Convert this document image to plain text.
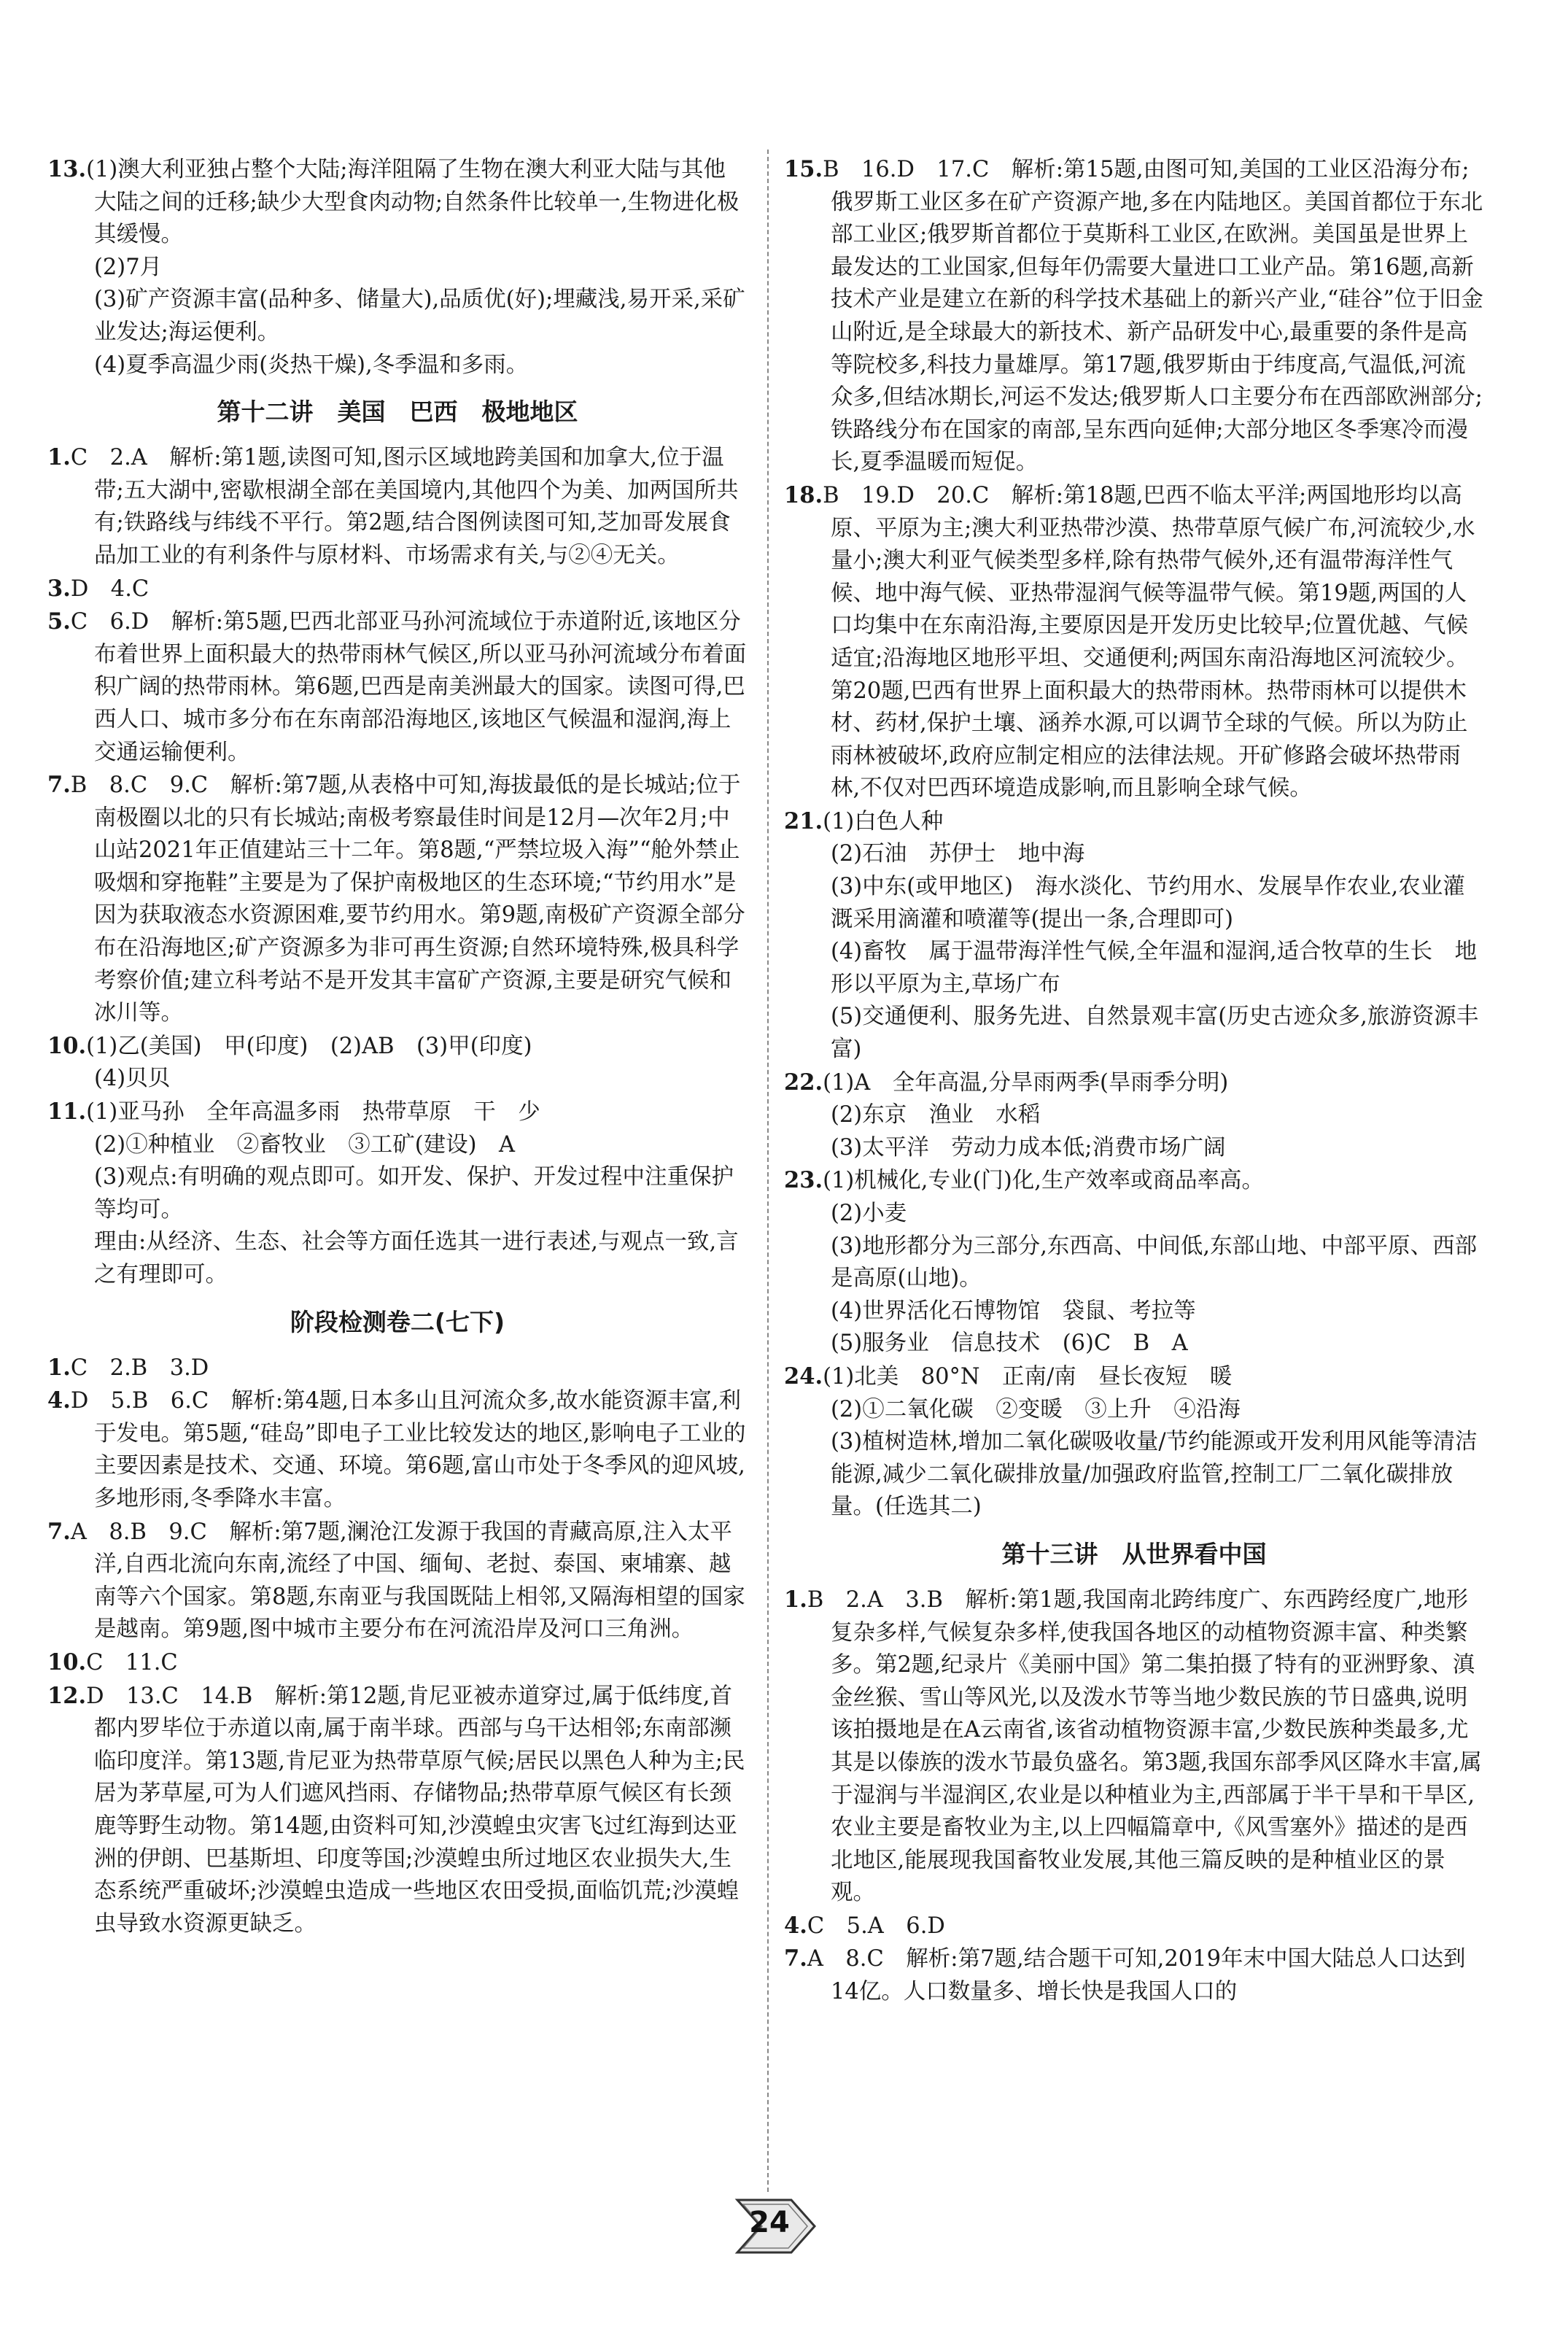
13.(1)澳大利亚独占整个大陆;海洋阻隔了生物在澳大利亚大陆与其他大陆之间的迁移;缺少大型食肉动物;自然条件比较单一,生物进化极其缓慢。
(2)7月
(3)矿产资源丰富(品种多、储量大),品质优(好);埋藏浅,易开采,采矿业发达;海运便利。
(4)夏季高温少雨(炎热干燥),冬季温和多雨。
第十二讲　美国　巴西　极地地区
1.C　2.A　解析:第1题,读图可知,图示区域地跨美国和加拿大,位于温带;五大湖中,密歇根湖全部在美国境内,其他四个为美、加两国所共有;铁路线与纬线不平行。第2题,结合图例读图可知,芝加哥发展食品加工业的有利条件与原材料、市场需求有关,与②④无关。
3.D　4.C
5.C　6.D　解析:第5题,巴西北部亚马孙河流域位于赤道附近,该地区分布着世界上面积最大的热带雨林气候区,所以亚马孙河流域分布着面积广阔的热带雨林。第6题,巴西是南美洲最大的国家。读图可得,巴西人口、城市多分布在东南部沿海地区,该地区气候温和湿润,海上交通运输便利。
7.B　8.C　9.C　解析:第7题,从表格中可知,海拔最低的是长城站;位于南极圈以北的只有长城站;南极考察最佳时间是12月—次年2月;中山站2021年正值建站三十二年。第8题,“严禁垃圾入海”“舱外禁止吸烟和穿拖鞋”主要是为了保护南极地区的生态环境;“节约用水”是因为获取液态水资源困难,要节约用水。第9题,南极矿产资源全部分布在沿海地区;矿产资源多为非可再生资源;自然环境特殊,极具科学考察价值;建立科考站不是开发其丰富矿产资源,主要是研究气候和冰川等。
10.(1)乙(美国)　甲(印度)　(2)AB　(3)甲(印度)
(4)贝贝
11.(1)亚马孙　全年高温多雨　热带草原　干　少
(2)①种植业　②畜牧业　③工矿(建设)　A
(3)观点:有明确的观点即可。如开发、保护、开发过程中注重保护等均可。
理由:从经济、生态、社会等方面任选其一进行表述,与观点一致,言之有理即可。
阶段检测卷二(七下)
1.C　2.B　3.D
4.D　5.B　6.C　解析:第4题,日本多山且河流众多,故水能资源丰富,利于发电。第5题,“硅岛”即电子工业比较发达的地区,影响电子工业的主要因素是技术、交通、环境。第6题,富山市处于冬季风的迎风坡,多地形雨,冬季降水丰富。
7.A　8.B　9.C　解析:第7题,澜沧江发源于我国的青藏高原,注入太平洋,自西北流向东南,流经了中国、缅甸、老挝、泰国、柬埔寨、越南等六个国家。第8题,东南亚与我国既陆上相邻,又隔海相望的国家是越南。第9题,图中城市主要分布在河流沿岸及河口三角洲。
10.C　11.C
12.D　13.C　14.B　解析:第12题,肯尼亚被赤道穿过,属于低纬度,首都内罗毕位于赤道以南,属于南半球。西部与乌干达相邻;东南部濒临印度洋。第13题,肯尼亚为热带草原气候;居民以黑色人种为主;民居为茅草屋,可为人们遮风挡雨、存储物品;热带草原气候区有长颈鹿等野生动物。第14题,由资料可知,沙漠蝗虫灾害飞过红海到达亚洲的伊朗、巴基斯坦、印度等国;沙漠蝗虫所过地区农业损失大,生态系统严重破坏;沙漠蝗虫造成一些地区农田受损,面临饥荒;沙漠蝗虫导致水资源更缺乏。
15.B　16.D　17.C　解析:第15题,由图可知,美国的工业区沿海分布;俄罗斯工业区多在矿产资源产地,多在内陆地区。美国首都位于东北部工业区;俄罗斯首都位于莫斯科工业区,在欧洲。美国虽是世界上最发达的工业国家,但每年仍需要大量进口工业产品。第16题,高新技术产业是建立在新的科学技术基础上的新兴产业,“硅谷”位于旧金山附近,是全球最大的新技术、新产品研发中心,最重要的条件是高等院校多,科技力量雄厚。第17题,俄罗斯由于纬度高,气温低,河流众多,但结冰期长,河运不发达;俄罗斯人口主要分布在西部欧洲部分;铁路线分布在国家的南部,呈东西向延伸;大部分地区冬季寒冷而漫长,夏季温暖而短促。
18.B　19.D　20.C　解析:第18题,巴西不临太平洋;两国地形均以高原、平原为主;澳大利亚热带沙漠、热带草原气候广布,河流较少,水量小;澳大利亚气候类型多样,除有热带气候外,还有温带海洋性气候、地中海气候、亚热带湿润气候等温带气候。第19题,两国的人口均集中在东南沿海,主要原因是开发历史比较早;位置优越、气候适宜;沿海地区地形平坦、交通便利;两国东南沿海地区河流较少。第20题,巴西有世界上面积最大的热带雨林。热带雨林可以提供木材、药材,保护土壤、涵养水源,可以调节全球的气候。所以为防止雨林被破坏,政府应制定相应的法律法规。开矿修路会破坏热带雨林,不仅对巴西环境造成影响,而且影响全球气候。
21.(1)白色人种
(2)石油　苏伊士　地中海
(3)中东(或甲地区)　海水淡化、节约用水、发展旱作农业,农业灌溉采用滴灌和喷灌等(提出一条,合理即可)
(4)畜牧　属于温带海洋性气候,全年温和湿润,适合牧草的生长　地形以平原为主,草场广布
(5)交通便利、服务先进、自然景观丰富(历史古迹众多,旅游资源丰富)
22.(1)A　全年高温,分旱雨两季(旱雨季分明)
(2)东京　渔业　水稻
(3)太平洋　劳动力成本低;消费市场广阔
23.(1)机械化,专业(门)化,生产效率或商品率高。
(2)小麦
(3)地形都分为三部分,东西高、中间低,东部山地、中部平原、西部是高原(山地)。
(4)世界活化石博物馆　袋鼠、考拉等
(5)服务业　信息技术　(6)C　B　A
24.(1)北美　80°N　正南/南　昼长夜短　暖
(2)①二氧化碳　②变暖　③上升　④沿海
(3)植树造林,增加二氧化碳吸收量/节约能源或开发利用风能等清洁能源,减少二氧化碳排放量/加强政府监管,控制工厂二氧化碳排放量。(任选其二)
第十三讲　从世界看中国
1.B　2.A　3.B　解析:第1题,我国南北跨纬度广、东西跨经度广,地形复杂多样,气候复杂多样,使我国各地区的动植物资源丰富、种类繁多。第2题,纪录片《美丽中国》第二集拍摄了特有的亚洲野象、滇金丝猴、雪山等风光,以及泼水节等当地少数民族的节日盛典,说明该拍摄地是在A云南省,该省动植物资源丰富,少数民族种类最多,尤其是以傣族的泼水节最负盛名。第3题,我国东部季风区降水丰富,属于湿润与半湿润区,农业是以种植业为主,西部属于半干旱和干旱区,农业主要是畜牧业为主,以上四幅篇章中,《风雪塞外》描述的是西北地区,能展现我国畜牧业发展,其他三篇反映的是种植业区的景观。
4.C　5.A　6.D
7.A　8.C　解析:第7题,结合题干可知,2019年末中国大陆总人口达到14亿。人口数量多、增长快是我国人口的
24
